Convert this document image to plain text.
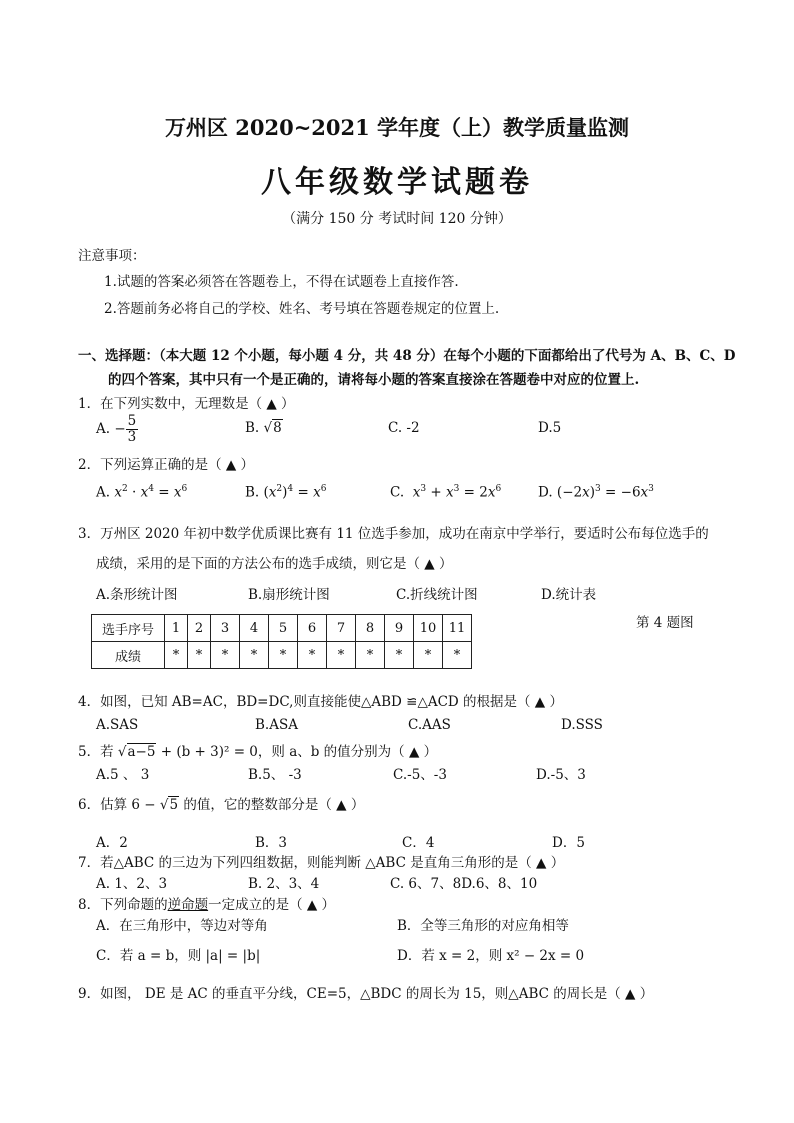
万州区 2020~2021 学年度（上）教学质量监测
八年级数学试题卷
（满分 150 分 考试时间 120 分钟）
注意事项：
1.试题的答案必须答在答题卷上，不得在试题卷上直接作答.
2.答题前务必将自己的学校、姓名、考号填在答题卷规定的位置上.
一、选择题：（本大题 12 个小题，每小题 4 分，共 48 分）在每个小题的下面都给出了代号为 A、B、C、D
的四个答案，其中只有一个是正确的，请将每小题的答案直接涂在答题卷中对应的位置上.
1．在下列实数中，无理数是（ ▲ ）
A. − $\frac{5}{3}$	B. √8	C. -2	D.5
2．下列运算正确的是（ ▲ ）
A. $x^2 \cdot x^4 = x^6$	B. $(x^2)^4 = x^6$	C.  $x^3 + x^3 = 2x^6$	D. $(-2x)^3 = -6x^3$
3．万州区 2020 年初中数学优质课比赛有 11 位选手参加，成功在南京中学举行，要适时公布每位选手的
成绩，采用的是下面的方法公布的选手成绩，则它是（ ▲ ）
A.条形统计图	B.扇形统计图	C.折线统计图	D.统计表
第 4 题图
选手序号	1	2	3	4	5	6	7	8	9	10	11
成绩	*	*	*	*	*	*	*	*	*	*	*
4．如图，已知 AB=AC，BD=DC,则直接能使△ABD ≌△ACD 的根据是（ ▲ ）
A.SAS	B.ASA	C.AAS	D.SSS
5．若 √a−5 + (b + 3)² = 0，则 a、b 的值分别为（ ▲ ）
A.5 、 3	B.5、 -3	C.-5、-3	D.-5、3
6．估算 6 − √5 的值，它的整数部分是（ ▲ ）
A．2	B．3	C．4	D．5
7．若△ABC 的三边为下列四组数据，则能判断 △ABC 是直角三角形的是（ ▲ ）
A. 1、2、3	B. 2、3、4	C. 6、7、8D.6、8、10
8．下列命题的逆命题一定成立的是（ ▲ ）
A．在三角形中，等边对等角	B．全等三角形的对应角相等
C．若 a = b，则 |a| = |b|	D．若 x = 2，则 x² − 2x = 0
9．如图， DE 是 AC 的垂直平分线，CE=5，△BDC 的周长为 15，则△ABC 的周长是（ ▲ ）
